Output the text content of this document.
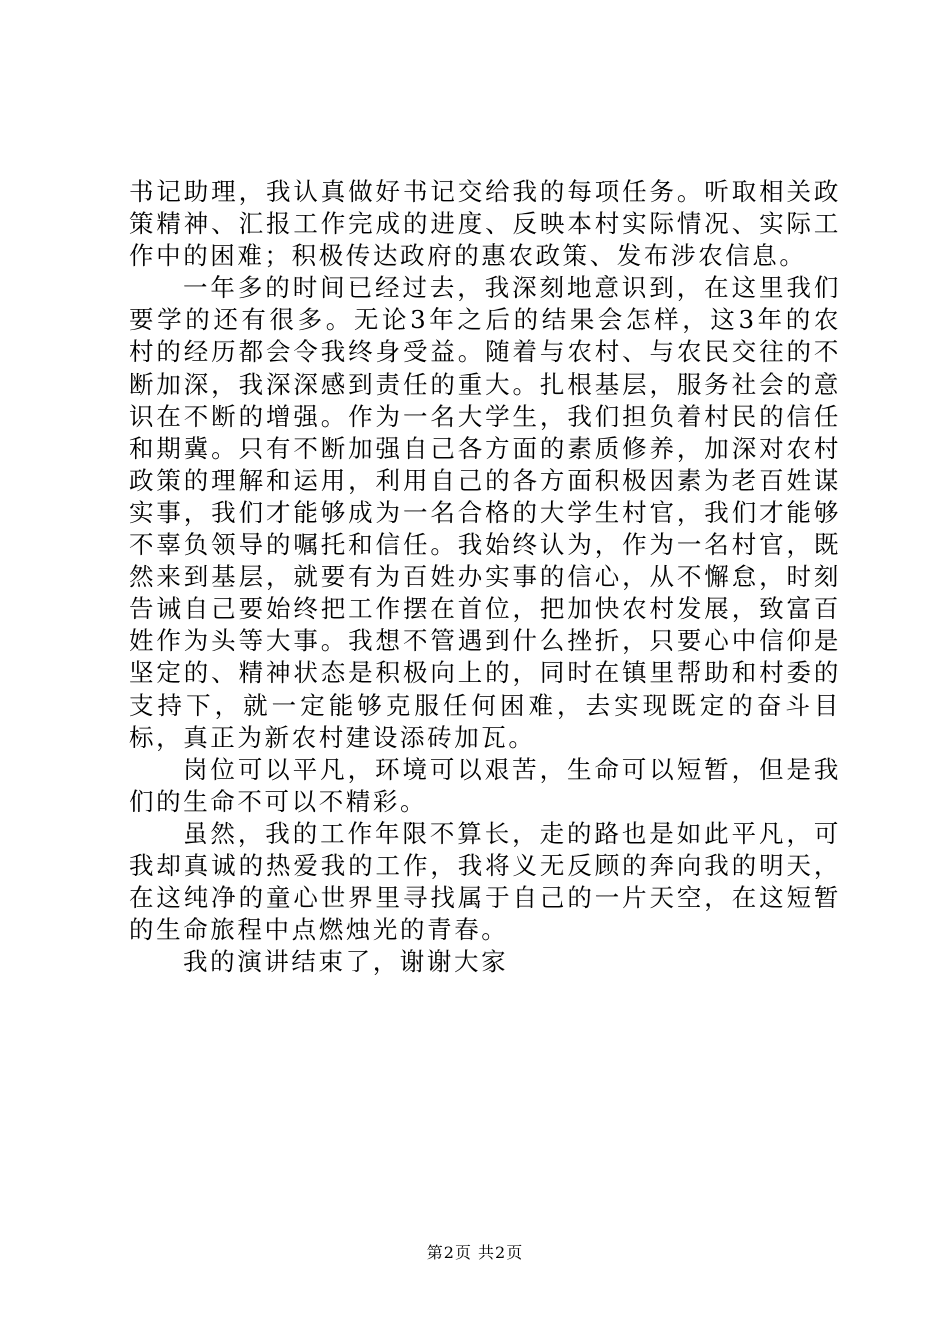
书记助理，我认真做好书记交给我的每项任务。听取相关政策精神、汇报工作完成的进度、反映本村实际情况、实际工作中的困难；积极传达政府的惠农政策、发布涉农信息。

一年多的时间已经过去，我深刻地意识到，在这里我们要学的还有很多。无论3年之后的结果会怎样，这3年的农村的经历都会令我终身受益。随着与农村、与农民交往的不断加深，我深深感到责任的重大。扎根基层，服务社会的意识在不断的增强。作为一名大学生，我们担负着村民的信任和期冀。只有不断加强自己各方面的素质修养，加深对农村政策的理解和运用，利用自己的各方面积极因素为老百姓谋实事，我们才能够成为一名合格的大学生村官，我们才能够不辜负领导的嘱托和信任。我始终认为，作为一名村官，既然来到基层，就要有为百姓办实事的信心，从不懈怠，时刻告诫自己要始终把工作摆在首位，把加快农村发展，致富百姓作为头等大事。我想不管遇到什么挫折，只要心中信仰是坚定的、精神状态是积极向上的，同时在镇里帮助和村委的支持下，就一定能够克服任何困难，去实现既定的奋斗目标，真正为新农村建设添砖加瓦。

岗位可以平凡，环境可以艰苦，生命可以短暂，但是我们的生命不可以不精彩。

虽然，我的工作年限不算长，走的路也是如此平凡，可我却真诚的热爱我的工作，我将义无反顾的奔向我的明天，在这纯净的童心世界里寻找属于自己的一片天空，在这短暂的生命旅程中点燃烛光的青春。

我的演讲结束了，谢谢大家

第2页 共2页
